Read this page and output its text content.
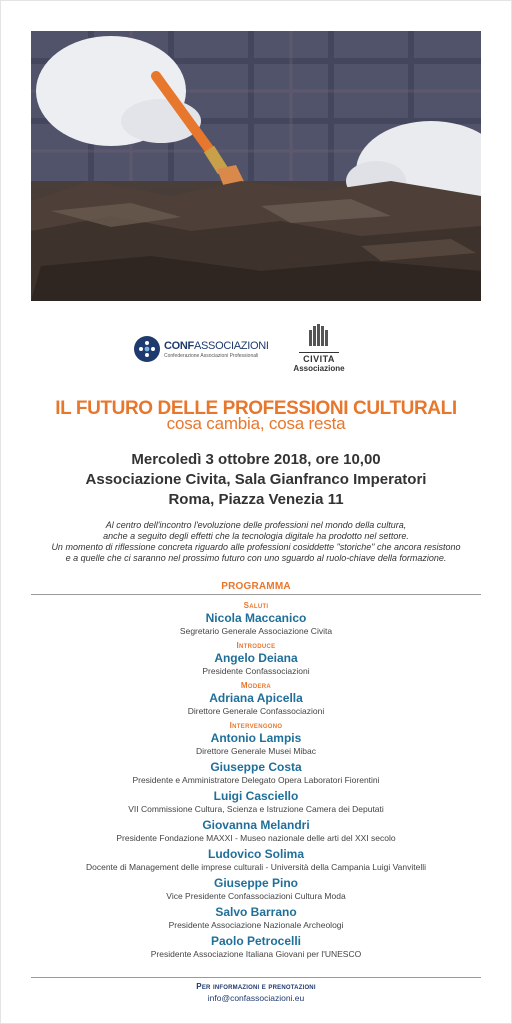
CONFASSOCIAZIONI
Confederazione Associazioni Professionali	CIVITA
Associazione
IL FUTURO DELLE PROFESSIONI CULTURALI
cosa cambia, cosa resta
Mercoledì 3 ottobre 2018, ore 10,00
Associazione Civita, Sala Gianfranco Imperatori
Roma, Piazza Venezia 11
Al centro dell'incontro l'evoluzione delle professioni nel mondo della cultura,
anche a seguito degli effetti che la tecnologia digitale ha prodotto nel settore.
Un momento di riflessione concreta riguardo alle professioni cosiddette "storiche" che ancora resistono
e a quelle che ci saranno nel prossimo futuro con uno sguardo al ruolo-chiave della formazione.
PROGRAMMA
Saluti
Nicola Maccanico
Segretario Generale Associazione Civita
Introduce
Angelo Deiana
Presidente Confassociazioni
Modera
Adriana Apicella
Direttore Generale Confassociazioni
Intervengono
Antonio Lampis
Direttore Generale Musei Mibac
Giuseppe Costa
Presidente e Amministratore Delegato Opera Laboratori Fiorentini
Luigi Casciello
VII Commissione Cultura, Scienza e Istruzione Camera dei Deputati
Giovanna Melandri
Presidente Fondazione MAXXI - Museo nazionale delle arti del XXI secolo
Ludovico Solima
Docente di Management delle imprese culturali - Università della Campania Luigi Vanvitelli
Giuseppe Pino
Vice Presidente Confassociazioni Cultura Moda
Salvo Barrano
Presidente Associazione Nazionale Archeologi
Paolo Petrocelli
Presidente Associazione Italiana Giovani per l'UNESCO
Per informazioni e prenotazioni
info@confassociazioni.eu
